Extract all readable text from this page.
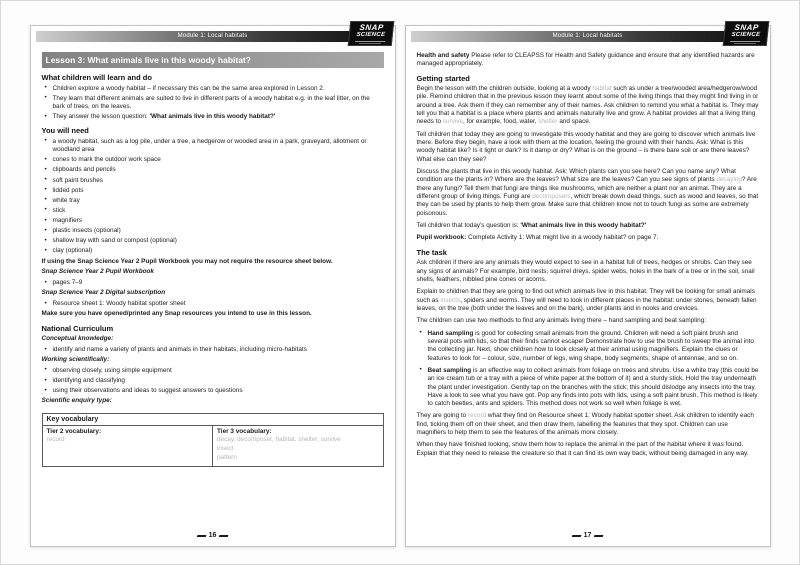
Module 1: Local habitats
SNAP
SCIENCE
Lesson 3: What animals live in this woody habitat?
What children will learn and do
• Children explore a woody habitat – if necessary this can be the same area explored in Lesson 2.
• They learn that different animals are suited to live in different parts of a woody habitat e.g. in the leaf litter, on the bark of trees, on the leaves.
• They answer the lesson question: 'What animals live in this woody habitat?'
You will need
• a woody habitat, such as a log pile, under a tree, a hedgerow or wooded area in a park, graveyard, allotment or woodland area
• cones to mark the outdoor work space
• clipboards and pencils
• soft paint brushes
• lidded pots
• white tray
• stick
• magnifiers
• plastic insects (optional)
• shallow tray with sand or compost (optional)
• clay (optional)

If using the Snap Science Year 2 Pupil Workbook you may not require the resource sheet below.

Snap Science Year 2 Pupil Workbook

• pages 7–9

Snap Science Year 2 Digital subscription

• Resource sheet 1: Woody habitat spotter sheet

Make sure you have opened/printed any Snap resources you intend to use in this lesson.

National Curriculum

Conceptual knowledge:

• identify and name a variety of plants and animals in their habitats, including micro-habitats

Working scientifically:

• observing closely, using simple equipment
• identifying and classifying
• using their observations and ideas to suggest answers to questions

Scientific enquiry type:

Key vocabulary
Tier 2 vocabulary:
record
Tier 3 vocabulary:
decay, decomposer, habitat, shelter, survive
insect
pattern
16
Module 1: Local habitats
SNAP
SCIENCE

Health and safety Please refer to CLEAPSS for Health and Safety guidance and ensure that any identified hazards are managed appropriately.

Getting started

Begin the lesson with the children outside, looking at a woody habitat such as under a tree/wooded area/hedgerow/wood pile. Remind children that in the previous lesson they learnt about some of the living things that they might find living in or around a tree. Ask them if they can remember any of their names. Ask children to remind you what a habitat is. They may tell you that a habitat is a place where plants and animals naturally live and grow. A habitat provides all that a living thing needs to survive, for example, food, water, shelter and space.

Tell children that today they are going to investigate this woody habitat and they are going to discover which animals live there. Before they begin, have a look with them at the location, feeling the ground with their hands. Ask: What is this woody habitat like? Is it light or dark? Is it damp or dry? What is on the ground – is there bare soil or are there leaves? What else can they see?

Discuss the plants that live in this woody habitat. Ask: Which plants can you see here? Can you name any? What condition are the plants in? Where are the leaves? What size are the leaves? Can you see signs of plants decaying? Are there any fungi? Tell them that fungi are things like mushrooms, which are neither a plant nor an animal. They are a different group of living things. Fungi are decomposers, which break down dead things, such as wood and leaves, so that they can be used by plants to help them grow. Make sure that children know not to touch fungi as some are extremely poisonous.

Tell children that today's question is: 'What animals live in this woody habitat?'

Pupil workbook: Complete Activity 1: What might live in a woody habitat? on page 7.

The task

Ask children if there are any animals they would expect to see in a habitat full of trees, hedges or shrubs. Can they see any signs of animals? For example, bird nests, squirrel dreys, spider webs, holes in the bark of a tree or in the soil, snail shells, feathers, nibbled pine cones or acorns.

Explain to children that they are going to find out which animals live in this habitat. They will be looking for small animals such as insects, spiders and worms. They will need to look in different places in the habitat: under stones, beneath fallen leaves, on the tree (both under the leaves and on the bark), under plants and in nooks and crevices.

The children can use two methods to find any animals living there – hand sampling and beat sampling:

• Hand sampling is good for collecting small animals from the ground. Children will need a soft paint brush and several pots with lids, so that their finds cannot escape! Demonstrate how to use the brush to sweep the animal into the collecting jar. Next, show children how to look closely at their animal using magnifiers. Explain the clues or features to look for – colour, size, number of legs, wing shape, body segments, shape of antennae, and so on.
• Beat sampling is an effective way to collect animals from foliage on trees and shrubs. Use a white tray (this could be an ice cream tub or a tray with a piece of white paper at the bottom of it) and a sturdy stick. Hold the tray underneath the plant under investigation. Gently tap on the branches with the stick; this should dislodge any insects into the tray. Have a look to see what you have got. Pop any finds into pots with lids, using a soft paint brush. This method is likely to catch beetles, ants and spiders. This method does not work so well when foliage is wet.

They are going to record what they find on Resource sheet 1: Woody habitat spotter sheet. Ask children to identify each find, ticking them off on their sheet, and then draw them, labelling the features that they spot. Children can use magnifiers to help them to see the features of the animals more closely.

When they have finished looking, show them how to replace the animal in the part of the habitat where it was found. Explain that they need to release the creature so that it can find its own way back, without being damaged in any way.

17
